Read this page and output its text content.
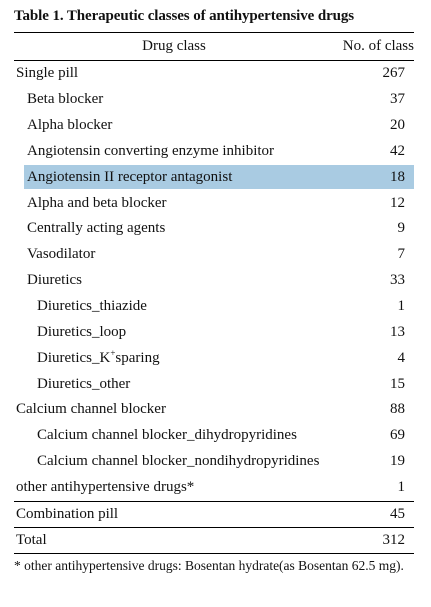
Table 1. Therapeutic classes of antihypertensive drugs
Drug class	No. of class
Single pill	267
Beta blocker	37
Alpha blocker	20
Angiotensin converting enzyme inhibitor	42
Angiotensin II receptor antagonist	18
Alpha and beta blocker	12
Centrally acting agents	9
Vasodilator	7
Diuretics	33
Diuretics_thiazide	1
Diuretics_loop	13
Diuretics_K+sparing	4
Diuretics_other	15
Calcium channel blocker	88
Calcium channel blocker_dihydropyridines	69
Calcium channel blocker_nondihydropyridines	19
other antihypertensive drugs*	1
Combination pill	45
Total	312
* other antihypertensive drugs: Bosentan hydrate(as Bosentan 62.5 mg).
